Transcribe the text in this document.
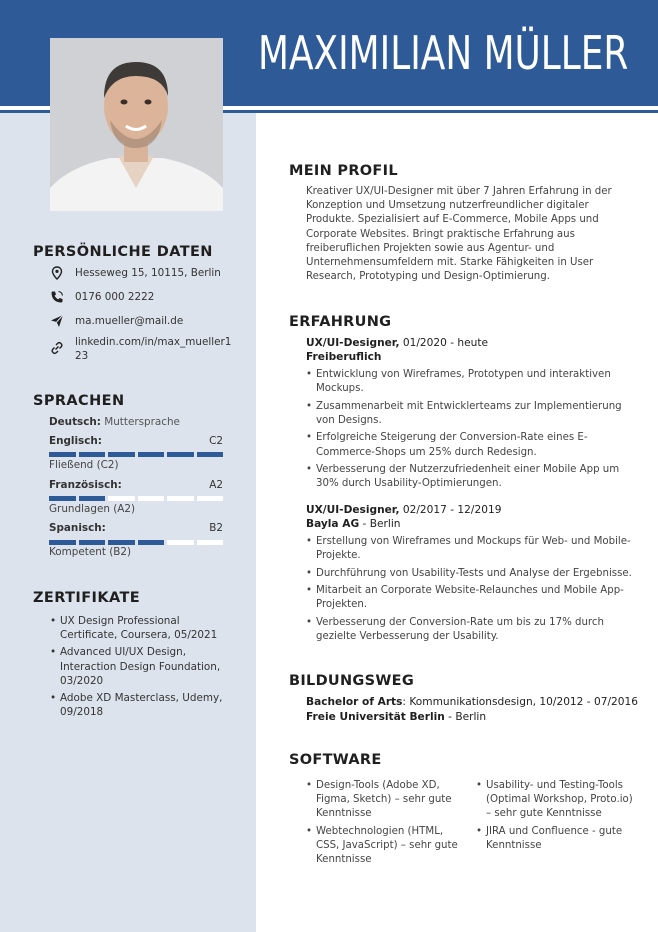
MAXIMILIAN MÜLLER
PERSÖNLICHE DATEN
Hesseweg 15, 10115, Berlin
0176 000 2222
ma.mueller@mail.de
linkedin.com/in/max_mueller1
23
SPRACHEN
Deutsch: Muttersprache
Englisch:	C2
Fließend (C2)
Französisch:	A2
Grundlagen (A2)
Spanisch:	B2
Kompetent (B2)
ZERTIFIKATE
• UX Design Professional Certificate, Coursera, 05/2021
• Advanced UI/UX Design, Interaction Design Foundation, 03/2020
• Adobe XD Masterclass, Udemy, 09/2018
MEIN PROFIL
Kreativer UX/UI-Designer mit über 7 Jahren Erfahrung in der Konzeption und Umsetzung nutzerfreundlicher digitaler Produkte. Spezialisiert auf E-Commerce, Mobile Apps und Corporate Websites. Bringt praktische Erfahrung aus freiberuflichen Projekten sowie aus Agentur- und Unternehmensumfeldern mit. Starke Fähigkeiten in User Research, Prototyping und Design-Optimierung.
ERFAHRUNG
UX/UI-Designer, 01/2020 - heute
Freiberuflich
• Entwicklung von Wireframes, Prototypen und interaktiven Mockups.
• Zusammenarbeit mit Entwicklerteams zur Implementierung von Designs.
• Erfolgreiche Steigerung der Conversion-Rate eines E-Commerce-Shops um 25% durch Redesign.
• Verbesserung der Nutzerzufriedenheit einer Mobile App um 30% durch Usability-Optimierungen.
UX/UI-Designer, 02/2017 - 12/2019
Bayla AG - Berlin
• Erstellung von Wireframes und Mockups für Web- und Mobile-Projekte.
• Durchführung von Usability-Tests und Analyse der Ergebnisse.
• Mitarbeit an Corporate Website-Relaunches und Mobile App-Projekten.
• Verbesserung der Conversion-Rate um bis zu 17% durch gezielte Verbesserung der Usability.
BILDUNGSWEG
Bachelor of Arts: Kommunikationsdesign, 10/2012 - 07/2016
Freie Universität Berlin - Berlin
SOFTWARE
• Design-Tools (Adobe XD, Figma, Sketch) – sehr gute Kenntnisse
• Webtechnologien (HTML, CSS, JavaScript) – sehr gute Kenntnisse
• Usability- und Testing-Tools (Optimal Workshop, Proto.io) – sehr gute Kenntnisse
• JIRA und Confluence - gute Kenntnisse
